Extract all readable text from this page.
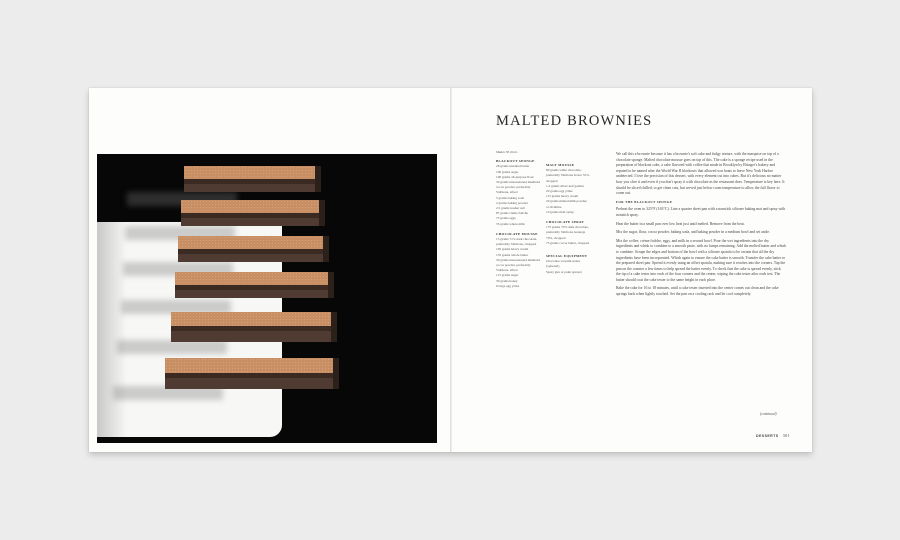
MALTED BROWNIES
Makes 30 slices
BLACKOUT SPONGE
28 grams unsalted butter
100 grams sugar
100 grams all-purpose flour
50 grams unsweetened alkalized cocoa powder, preferably Valrhona, sifted
5 grams baking soda
2 grams baking powder
2.5 grams kosher salt
87 grams crème fraîche
75 grams eggs
35 grams whole milk
CHOCOLATE MOUSSE
15 grams 71% dark chocolate, preferably Valrhona, chopped
105 grams heavy cream
135 grams whole butter
50 grams unsweetened alkalized cocoa powder, preferably Valrhona, sifted
115 grams sugar
30 grams honey
9 large egg yolks
MALT MOUSSE
80 grams white chocolate, preferably Valrhona Ivoire 35%, chopped
1.4 grams silver leaf gelatin
20 grams egg yolks
115 grams heavy cream
20 grams malted milk powder, or Ovaltine
10 grams malt syrup
CHOCOLATE SPRAY
175 grams 70% dark chocolate, preferably Valrhona Guanaja 70%, chopped
75 grams cocoa butter, chopped
SPECIAL EQUIPMENT
Chocolate vacuum sealer (optional)
Spray gun or paint sprayer

We call this a brownie because it has a brownie's soft cake and fudgy texture, with the marquise on top of a chocolate sponge. Malted chocolate mousse goes on top of this. The cake is a sponge recipe used in the preparation of blackout cake, a cake flavored with coffee that made in Brooklyn by Ebinger's bakery and reputed to be named after the World War II blackouts that allowed war boats to leave New York Harbor undetected. I love the precision of this dessert, with every element cut into cubes. But it's delicious no matter how you slice it and even if you don't spray it with chocolate as the restaurant does. Temperature is key here. It should be sliced chilled, to get clean cuts, but served just below room temperature to allow the full flavor to come out.

FOR THE BLACKOUT SPONGE

Preheat the oven to 325°F (163°C). Line a quarter sheet pan with a nonstick silicone baking mat and spray with nonstick spray.

Heat the butter in a small pan over low heat just until melted. Remove from the heat.

Mix the sugar, flour, cocoa powder, baking soda, and baking powder in a medium bowl and set aside.

Mix the coffee, crème fraîche, eggs, and milk in a second bowl. Pour the wet ingredients into the dry ingredients and whisk to combine to a smooth paste, with no lumps remaining. Add the melted butter and whisk to combine. Scrape the edges and bottom of the bowl with a silicone spatula to be certain that all the dry ingredients have been incorporated. Whisk again to ensure the cake batter is smooth. Transfer the cake batter to the prepared sheet pan. Spread it evenly using an offset spatula, making sure it reaches into the corners. Tap the pan on the counter a few times to help spread the batter evenly. To check that the cake is spread evenly, stick the tip of a cake tester into each of the four corners and the center, wiping the cake tester after each test. The batter should coat the cake tester to the same height in each place.

Bake the cake for 16 to 18 minutes, until a cake tester inserted into the center comes out clean and the cake springs back when lightly touched. Set the pan on a cooling rack and let cool completely.

(continued)
DESSERTS 301
